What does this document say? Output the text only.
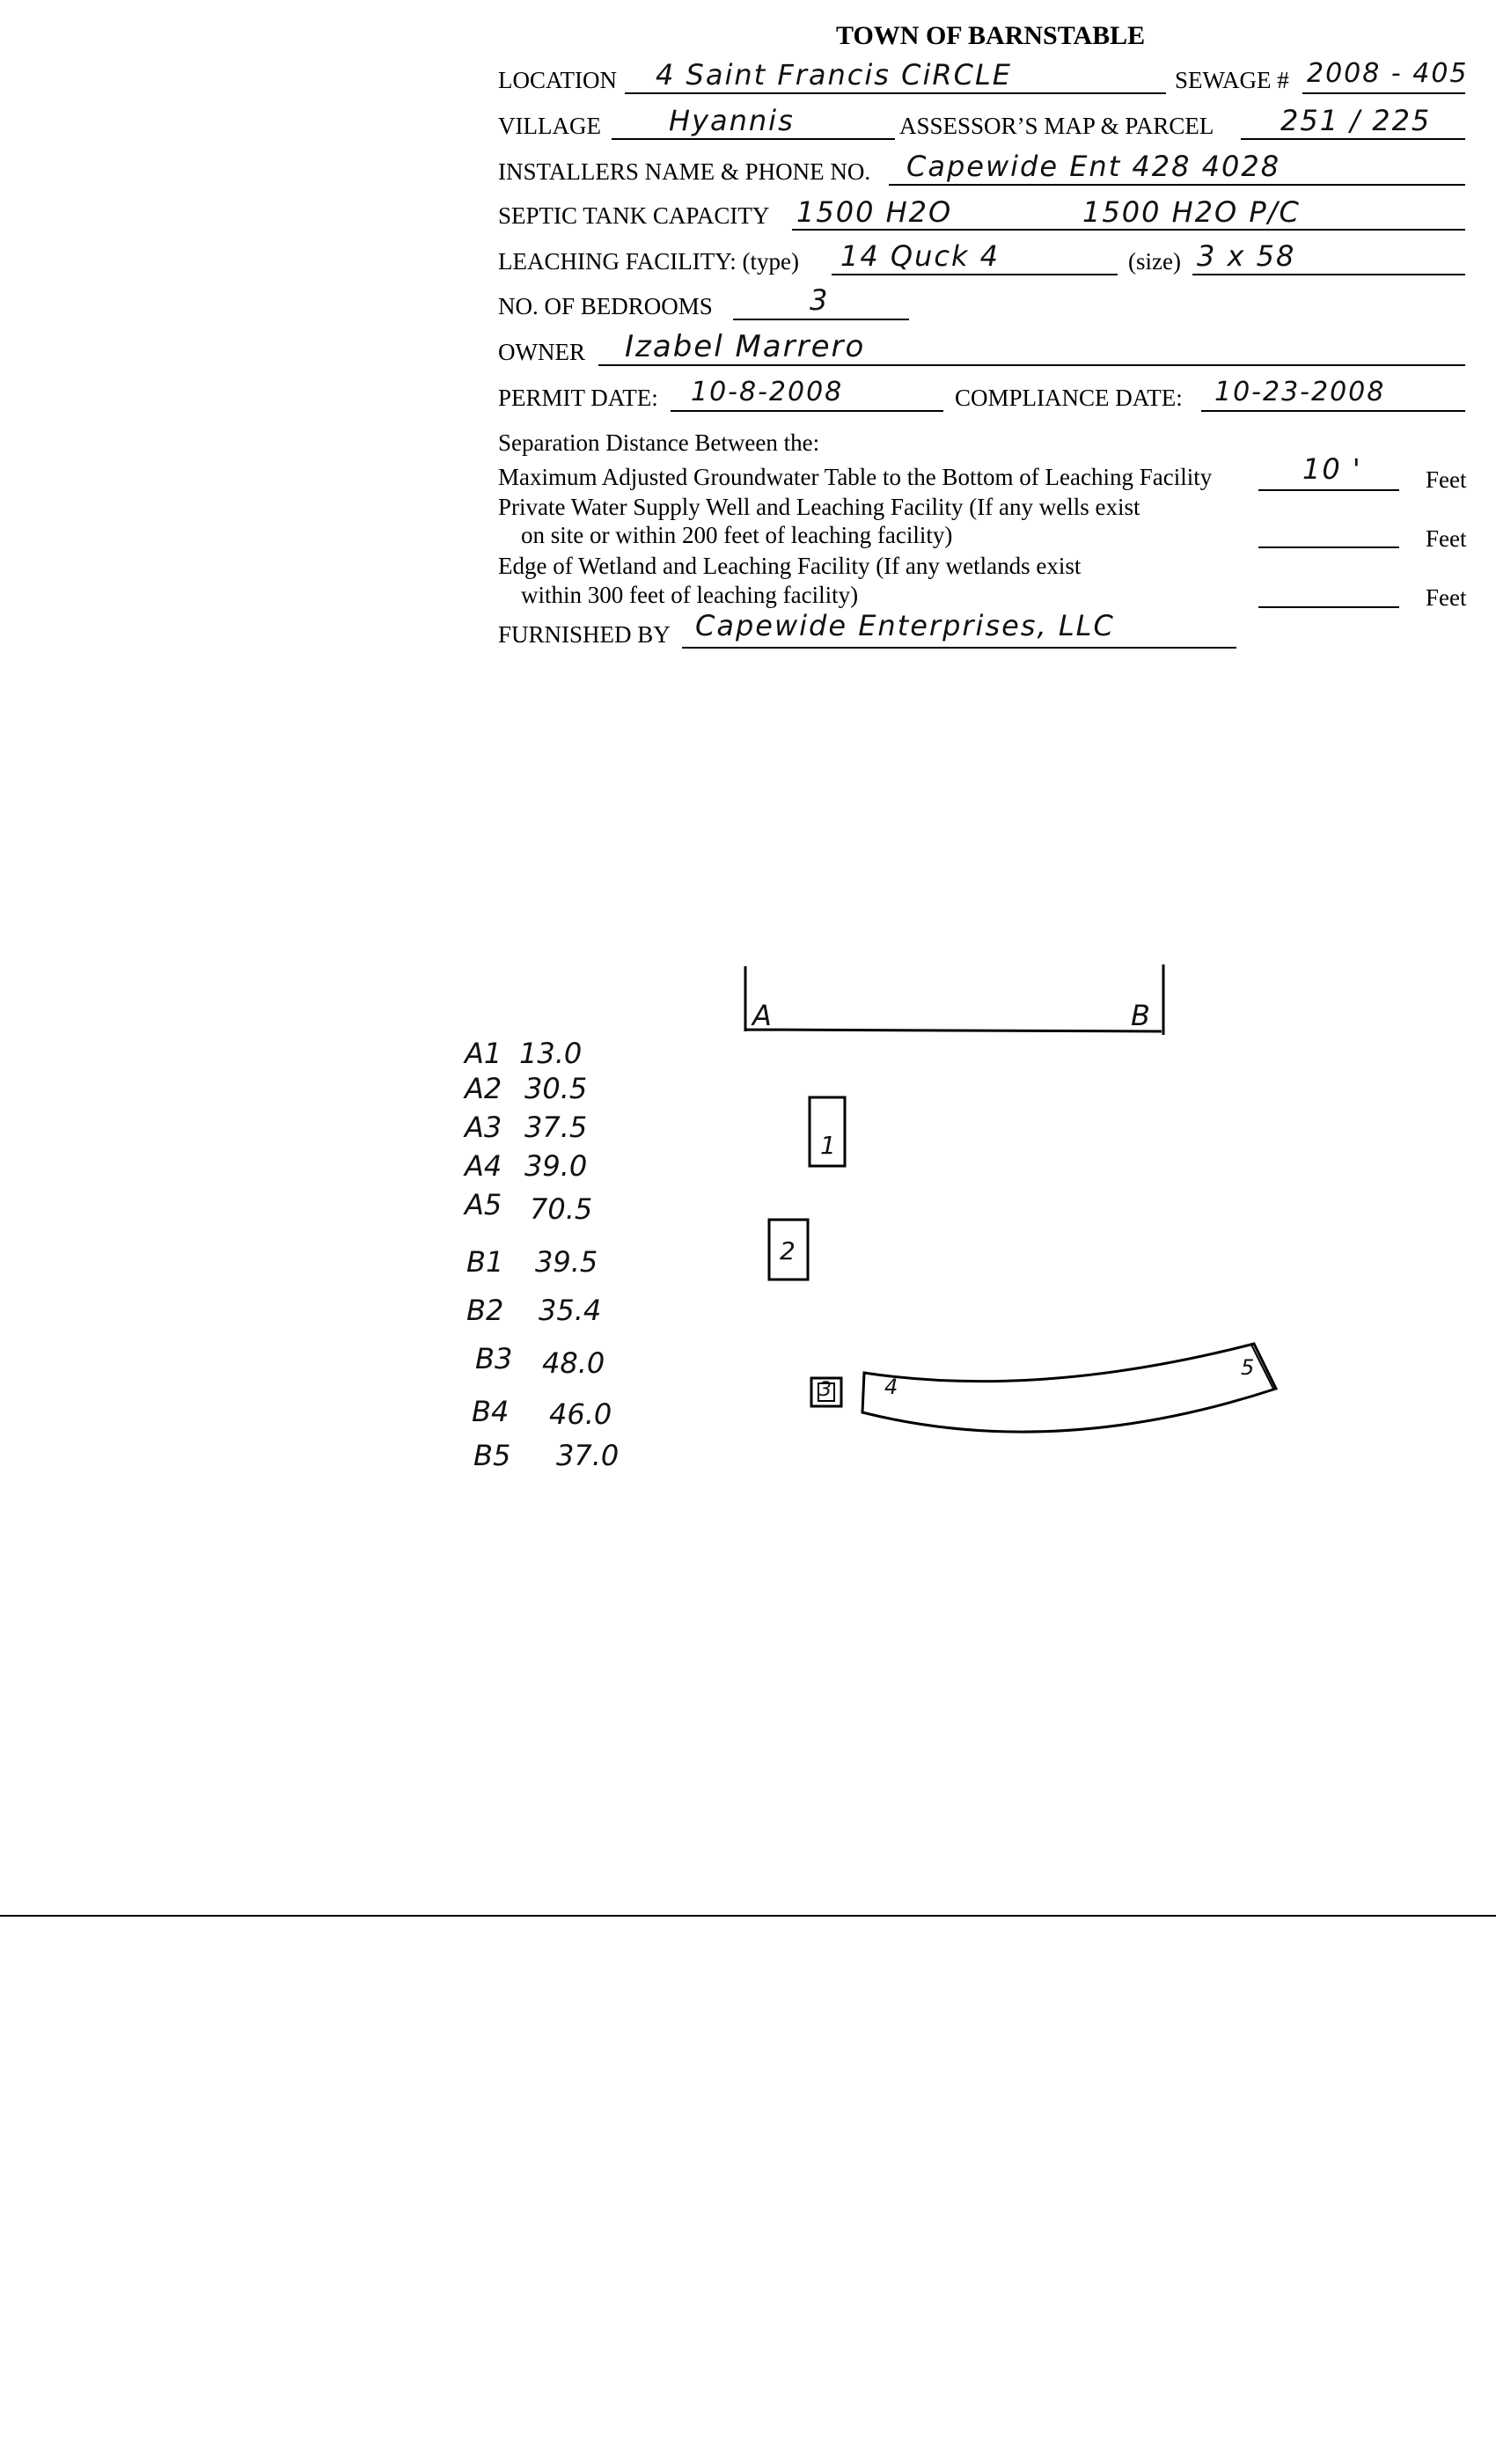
TOWN OF BARNSTABLE
LOCATION 4 Saint Francis CiRCLE	SEWAGE # 2008 - 405
VILLAGE Hyannis	ASSESSOR’S MAP & PARCEL 251 / 225
INSTALLERS NAME & PHONE NO. Capewide Ent 428 4028
SEPTIC TANK CAPACITY 1500 H2O	1500 H2O P/C
LEACHING FACILITY: (type) 14 Quck 4	(size) 3 x 58
NO. OF BEDROOMS	3
OWNER Izabel Marrero
PERMIT DATE: 10-8-2008	COMPLIANCE DATE: 10-23-2008
Separation Distance Between the:
Maximum Adjusted Groundwater Table to the Bottom of Leaching Facility	10 '	Feet
Private Water Supply Well and Leaching Facility (If any wells exist
on site or within 200 feet of leaching facility)	Feet
Edge of Wetland and Leaching Facility (If any wetlands exist
within 300 feet of leaching facility)	Feet
FURNISHED BY Capewide Enterprises, LLC
A	B
1
2
3	4
5
A1 13.0
A2 30.5
A3 37.5
A4 39.0
A5 70.5
B1 39.5
B2 35.4
B3 48.0
B4 46.0
B5 37.0
